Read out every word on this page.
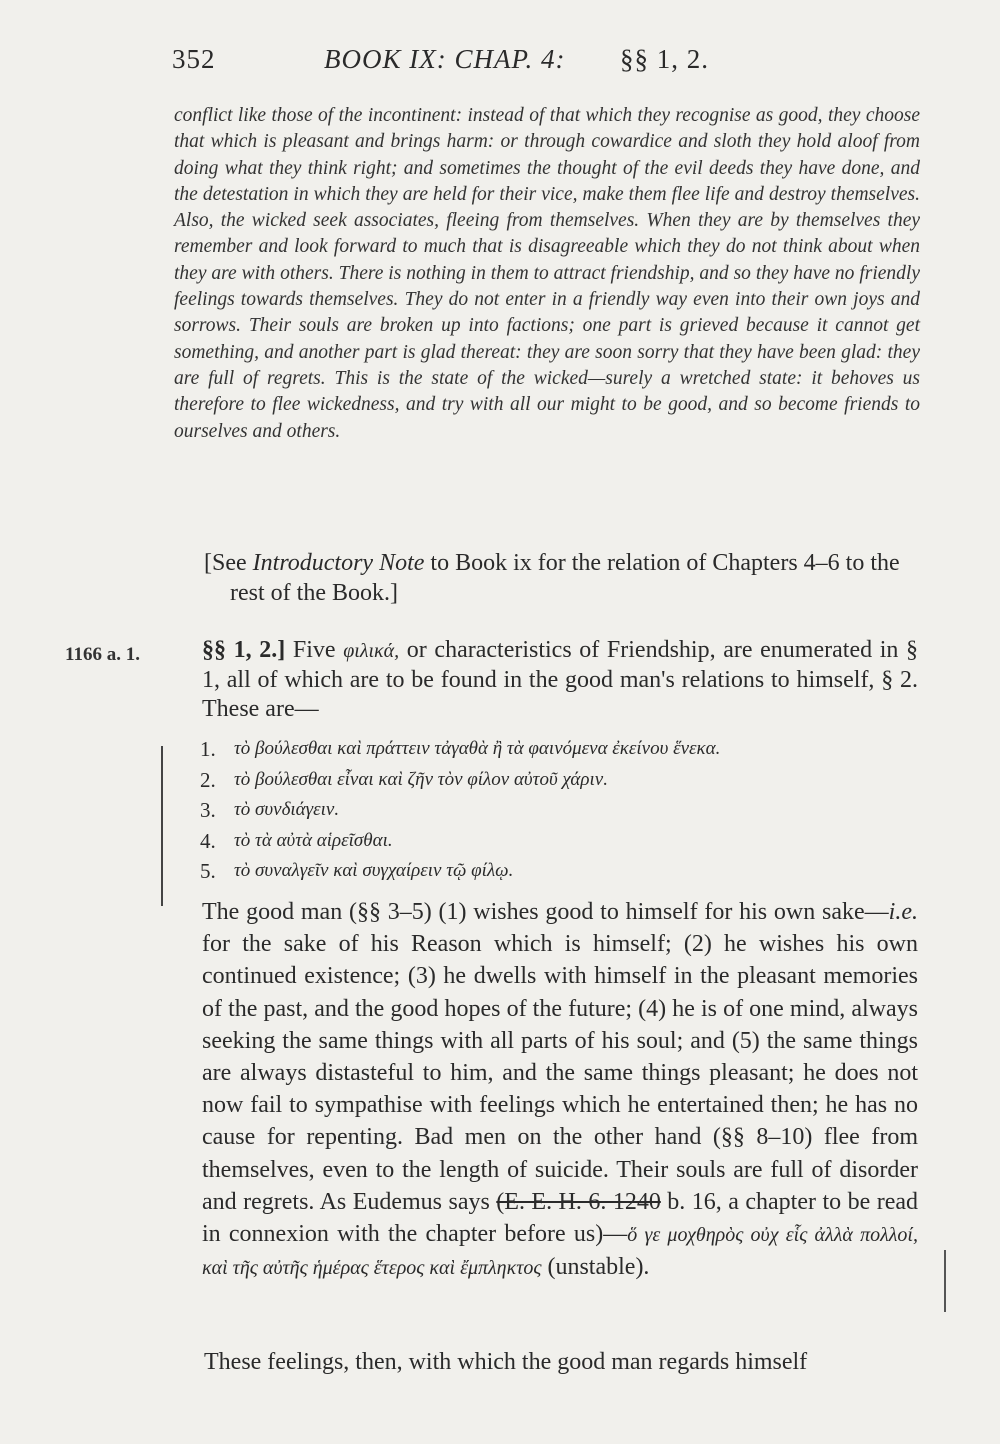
352	BOOK IX: CHAP. 4: §§ 1, 2.

conflict like those of the incontinent: instead of that which they recognise as good, they choose that which is pleasant and brings harm: or through cowardice and sloth they hold aloof from doing what they think right; and sometimes the thought of the evil deeds they have done, and the detestation in which they are held for their vice, make them flee life and destroy themselves. Also, the wicked seek associates, fleeing from themselves. When they are by themselves they remember and look forward to much that is disagreeable which they do not think about when they are with others. There is nothing in them to attract friendship, and so they have no friendly feelings towards themselves. They do not enter in a friendly way even into their own joys and sorrows. Their souls are broken up into factions; one part is grieved because it cannot get something, and another part is glad thereat: they are soon sorry that they have been glad: they are full of regrets. This is the state of the wicked—surely a wretched state: it behoves us therefore to flee wickedness, and try with all our might to be good, and so become friends to ourselves and others.

[See Introductory Note to Book ix for the relation of Chapters 4–6 to the rest of the Book.]
1166 a. 1.	§§ 1, 2.] Five φιλικά, or characteristics of Friendship, are enumerated in § 1, all of which are to be found in the good man's relations to himself, § 2. These are—

1. τὸ βούλεσθαι καὶ πράττειν τἀγαθὰ ἢ τὰ φαινόμενα ἐκείνου ἕνεκα.
2. τὸ βούλεσθαι εἶναι καὶ ζῆν τὸν φίλον αὐτοῦ χάριν.
3. τὸ συνδιάγειν.
4. τὸ τὰ αὐτὰ αἱρεῖσθαι.
5. τὸ συναλγεῖν καὶ συγχαίρειν τῷ φίλῳ.

The good man (§§ 3–5) (1) wishes good to himself for his own sake—i.e. for the sake of his Reason which is himself; (2) he wishes his own continued existence; (3) he dwells with himself in the pleasant memories of the past, and the good hopes of the future; (4) he is of one mind, always seeking the same things with all parts of his soul; and (5) the same things are always distasteful to him, and the same things pleasant; he does not now fail to sympathise with feelings which he entertained then; he has no cause for repenting. Bad men on the other hand (§§ 8–10) flee from themselves, even to the length of suicide. Their souls are full of disorder and regrets. As Eudemus says (E. E. H. 6. 1240 b. 16, a chapter to be read in connexion with the chapter before us)—ὅ γε μοχθηρὸς οὐχ εἷς ἀλλὰ πολλοί, καὶ τῆς αὐτῆς ἡμέρας ἕτερος καὶ ἔμπληκτος (unstable).

These feelings, then, with which the good man regards himself
